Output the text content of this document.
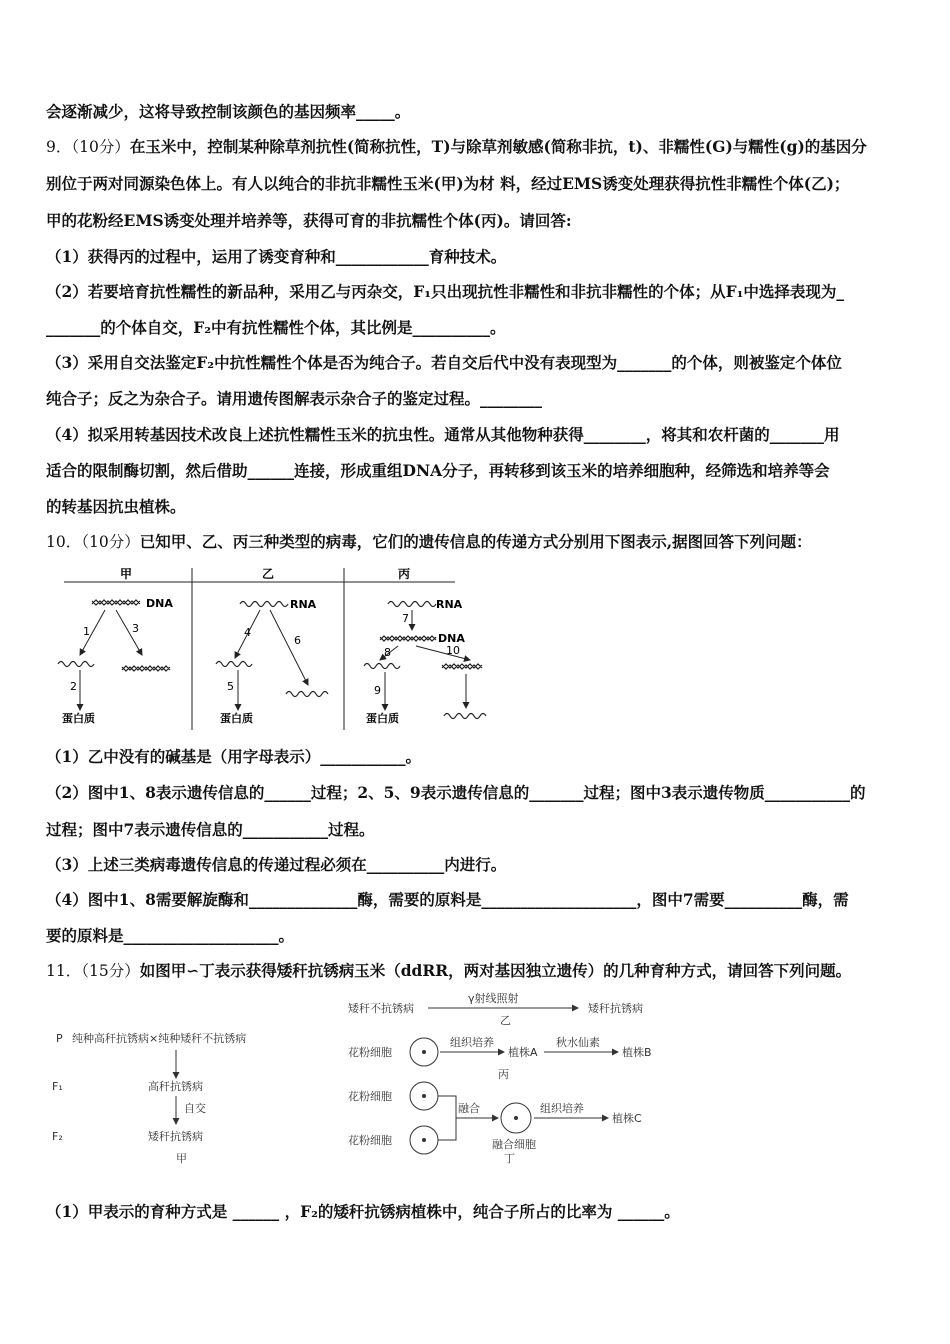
会逐渐减少，这将导致控制该颜色的基因频率_____。
9．（10分）在玉米中，控制某种除草剂抗性(简称抗性，T)与除草剂敏感(简称非抗，t)、非糯性(G)与糯性(g)的基因分
别位于两对同源染色体上。有人以纯合的非抗非糯性玉米(甲)为材 料，经过EMS诱变处理获得抗性非糯性个体(乙)；
甲的花粉经EMS诱变处理并培养等，获得可育的非抗糯性个体(丙)。请回答:
（1）获得丙的过程中，运用了诱变育种和____________育种技术。
（2）若要培育抗性糯性的新品种，采用乙与丙杂交，F₁只出现抗性非糯性和非抗非糯性的个体；从F₁中选择表现为_
_______的个体自交，F₂中有抗性糯性个体，其比例是__________。
（3）采用自交法鉴定F₂中抗性糯性个体是否为纯合子。若自交后代中没有表现型为_______的个体，则被鉴定个体位
纯合子；反之为杂合子。请用遗传图解表示杂合子的鉴定过程。________
（4）拟采用转基因技术改良上述抗性糯性玉米的抗虫性。通常从其他物种获得________，将其和农杆菌的_______用
适合的限制酶切割，然后借助______连接，形成重组DNA分子，再转移到该玉米的培养细胞种，经筛选和培养等会
的转基因抗虫植株。
10．（10分）已知甲、乙、丙三种类型的病毒，它们的遗传信息的传递方式分别用下图表示,据图回答下列问题：
甲	乙	丙
DNA
1	3
2
蛋白质
RNA
4
6
5
蛋白质
RNA
7
DNA
8	10
9
蛋白质
（1）乙中没有的碱基是（用字母表示）___________。
（2）图中1、8表示遗传信息的______过程；2、5、9表示遗传信息的_______过程；图中3表示遗传物质___________的
过程；图中7表示遗传信息的___________过程。
（3）上述三类病毒遗传信息的传递过程必须在__________内进行。
（4）图中1、8需要解旋酶和______________酶，需要的原料是____________________，图中7需要__________酶，需
要的原料是____________________。
11．（15分）如图甲∽丁表示获得矮秆抗锈病玉米（ddRR，两对基因独立遗传）的几种育种方式，请回答下列问题。
P 纯种高秆抗锈病×纯种矮秆不抗锈病
F₁	高秆抗锈病
自交
F₂	矮秆抗锈病
甲
矮秆不抗锈病
γ射线照射
矮秆抗锈病
乙
花粉细胞
组织培养
植株A
秋水仙素
植株B
丙
花粉细胞
花粉细胞
融合	组织培养
植株C
融合细胞
丁
（1）甲表示的育种方式是 ______ ，F₂的矮秆抗锈病植株中，纯合子所占的比率为 ______。
